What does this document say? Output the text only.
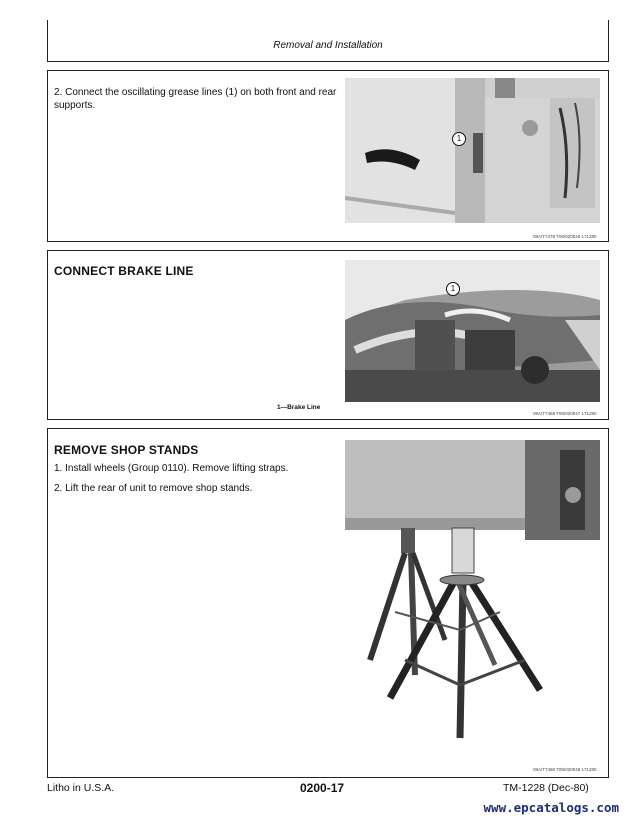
Removal and Installation
2. Connect the oscillating grease lines (1) on both front and rear supports.
1
08A/T7478 T09/020046 171280
CONNECT BRAKE LINE
1
1—Brake Line
08A/T7468 T09/020047 171280
REMOVE SHOP STANDS
1. Install wheels (Group 0110). Remove lifting straps.
2. Lift the rear of unit to remove shop stands.
08A/T7488 T09/020048 171280
Litho in U.S.A.	0200-17	TM-1228 (Dec-80)
www.epcatalogs.com
